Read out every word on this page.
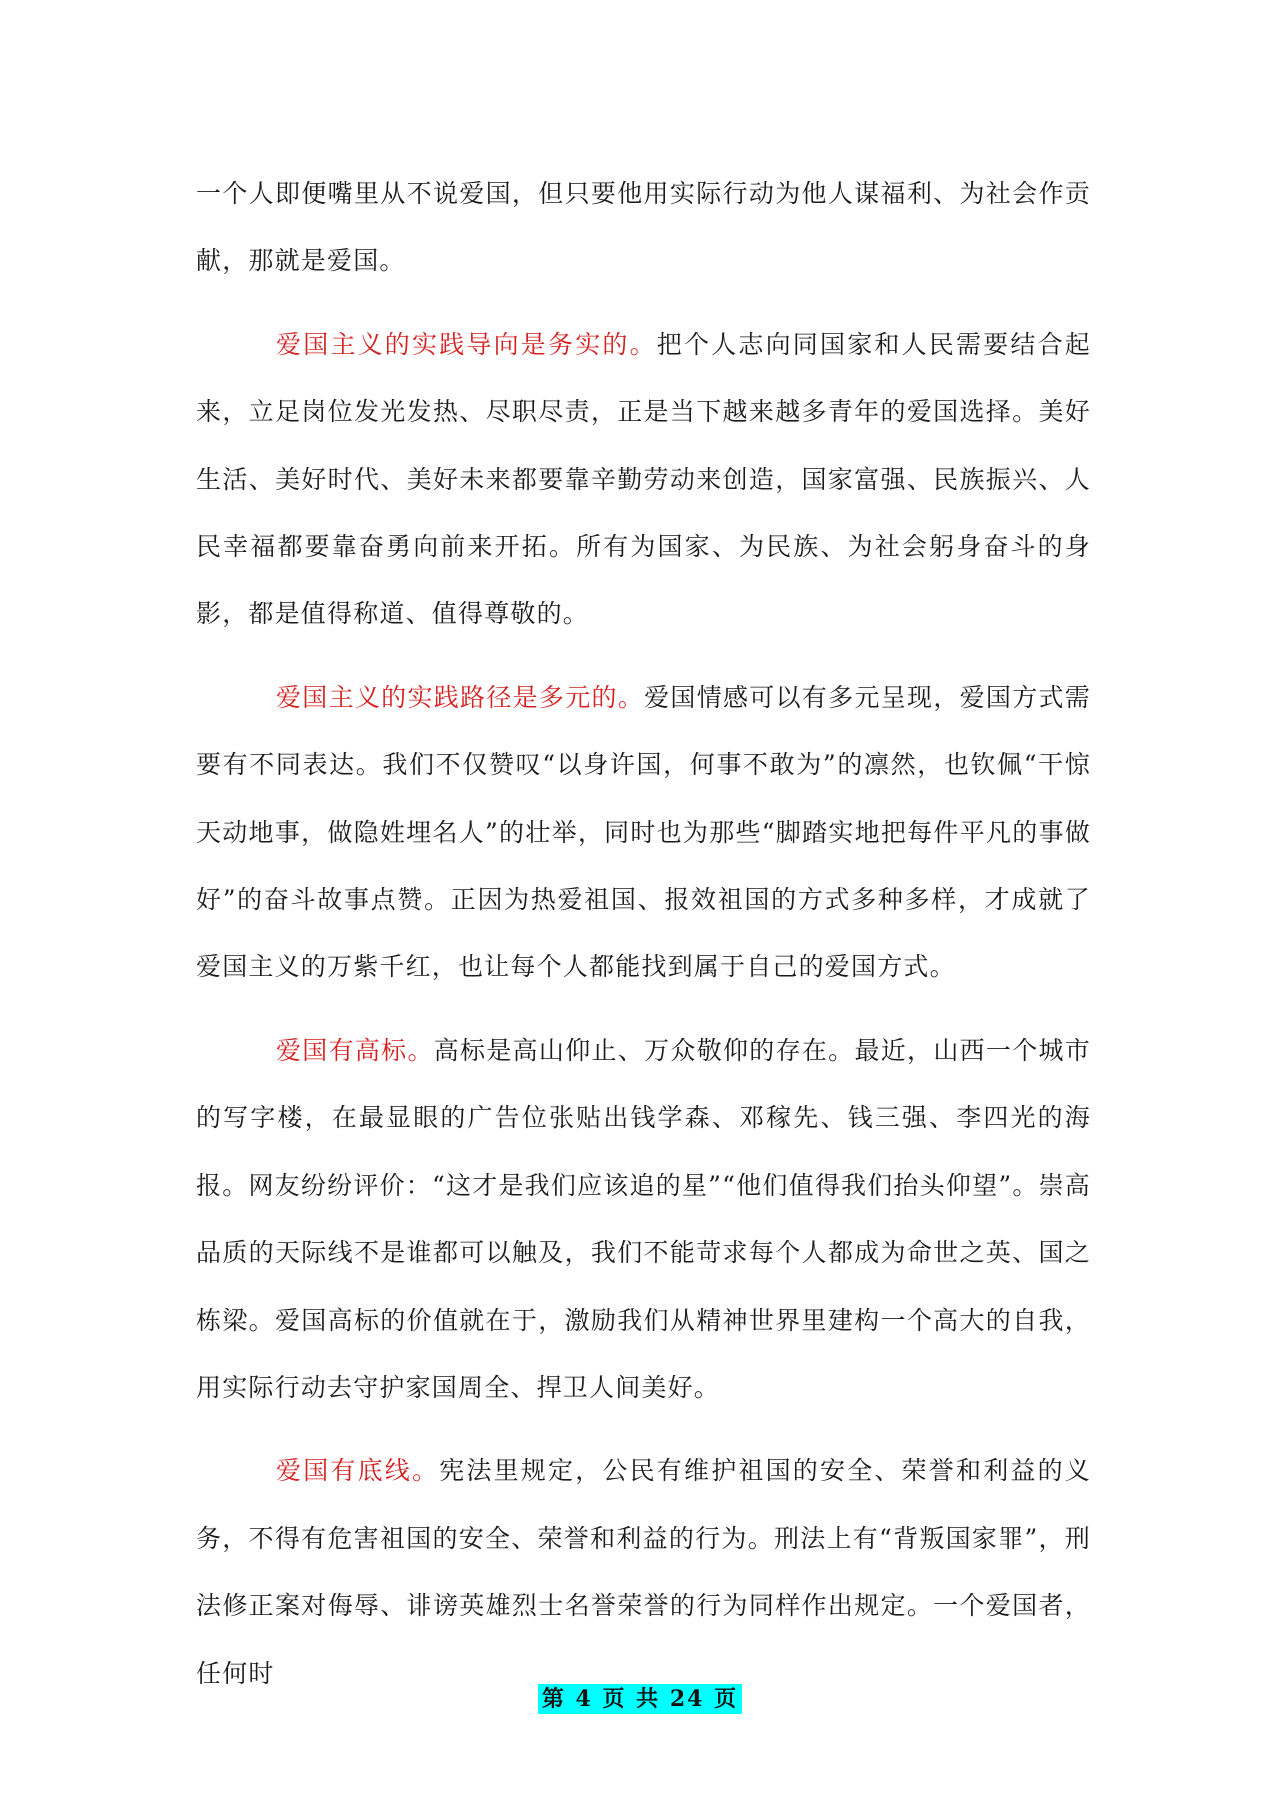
一个人即便嘴里从不说爱国，但只要他用实际行动为他人谋福利、为社会作贡献，那就是爱国。

爱国主义的实践导向是务实的。把个人志向同国家和人民需要结合起来，立足岗位发光发热、尽职尽责，正是当下越来越多青年的爱国选择。美好生活、美好时代、美好未来都要靠辛勤劳动来创造，国家富强、民族振兴、人民幸福都要靠奋勇向前来开拓。所有为国家、为民族、为社会躬身奋斗的身影，都是值得称道、值得尊敬的。

爱国主义的实践路径是多元的。爱国情感可以有多元呈现，爱国方式需要有不同表达。我们不仅赞叹“以身许国，何事不敢为”的凛然，也钦佩“干惊天动地事，做隐姓埋名人”的壮举，同时也为那些“脚踏实地把每件平凡的事做好”的奋斗故事点赞。正因为热爱祖国、报效祖国的方式多种多样，才成就了爱国主义的万紫千红，也让每个人都能找到属于自己的爱国方式。

爱国有高标。高标是高山仰止、万众敬仰的存在。最近，山西一个城市的写字楼，在最显眼的广告位张贴出钱学森、邓稼先、钱三强、李四光的海报。网友纷纷评价：“这才是我们应该追的星”“他们值得我们抬头仰望”。崇高品质的天际线不是谁都可以触及，我们不能苛求每个人都成为命世之英、国之栋梁。爱国高标的价值就在于，激励我们从精神世界里建构一个高大的自我，用实际行动去守护家国周全、捍卫人间美好。

爱国有底线。宪法里规定，公民有维护祖国的安全、荣誉和利益的义务，不得有危害祖国的安全、荣誉和利益的行为。刑法上有“背叛国家罪”，刑法修正案对侮辱、诽谤英雄烈士名誉荣誉的行为同样作出规定。一个爱国者，任何时

第 4 页 共 24 页
